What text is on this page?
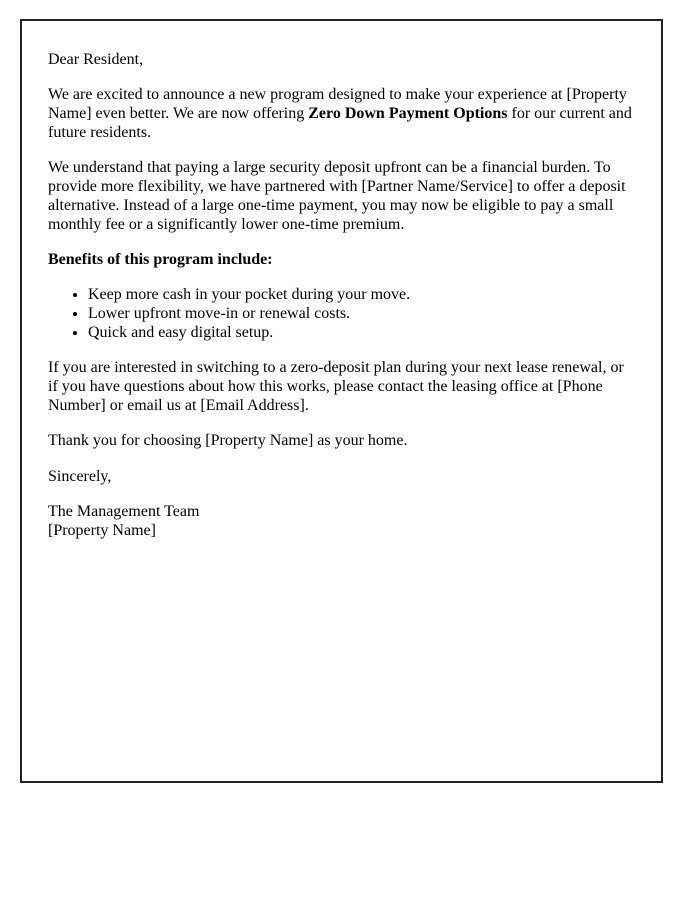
Dear Resident,

We are excited to announce a new program designed to make your experience at [Property Name] even better. We are now offering Zero Down Payment Options for our current and future residents.

We understand that paying a large security deposit upfront can be a financial burden. To provide more flexibility, we have partnered with [Partner Name/Service] to offer a deposit alternative. Instead of a large one-time payment, you may now be eligible to pay a small monthly fee or a significantly lower one-time premium.

Benefits of this program include:

• Keep more cash in your pocket during your move.
• Lower upfront move-in or renewal costs.
• Quick and easy digital setup.

If you are interested in switching to a zero-deposit plan during your next lease renewal, or if you have questions about how this works, please contact the leasing office at [Phone Number] or email us at [Email Address].

Thank you for choosing [Property Name] as your home.

Sincerely,

The Management Team
[Property Name]
